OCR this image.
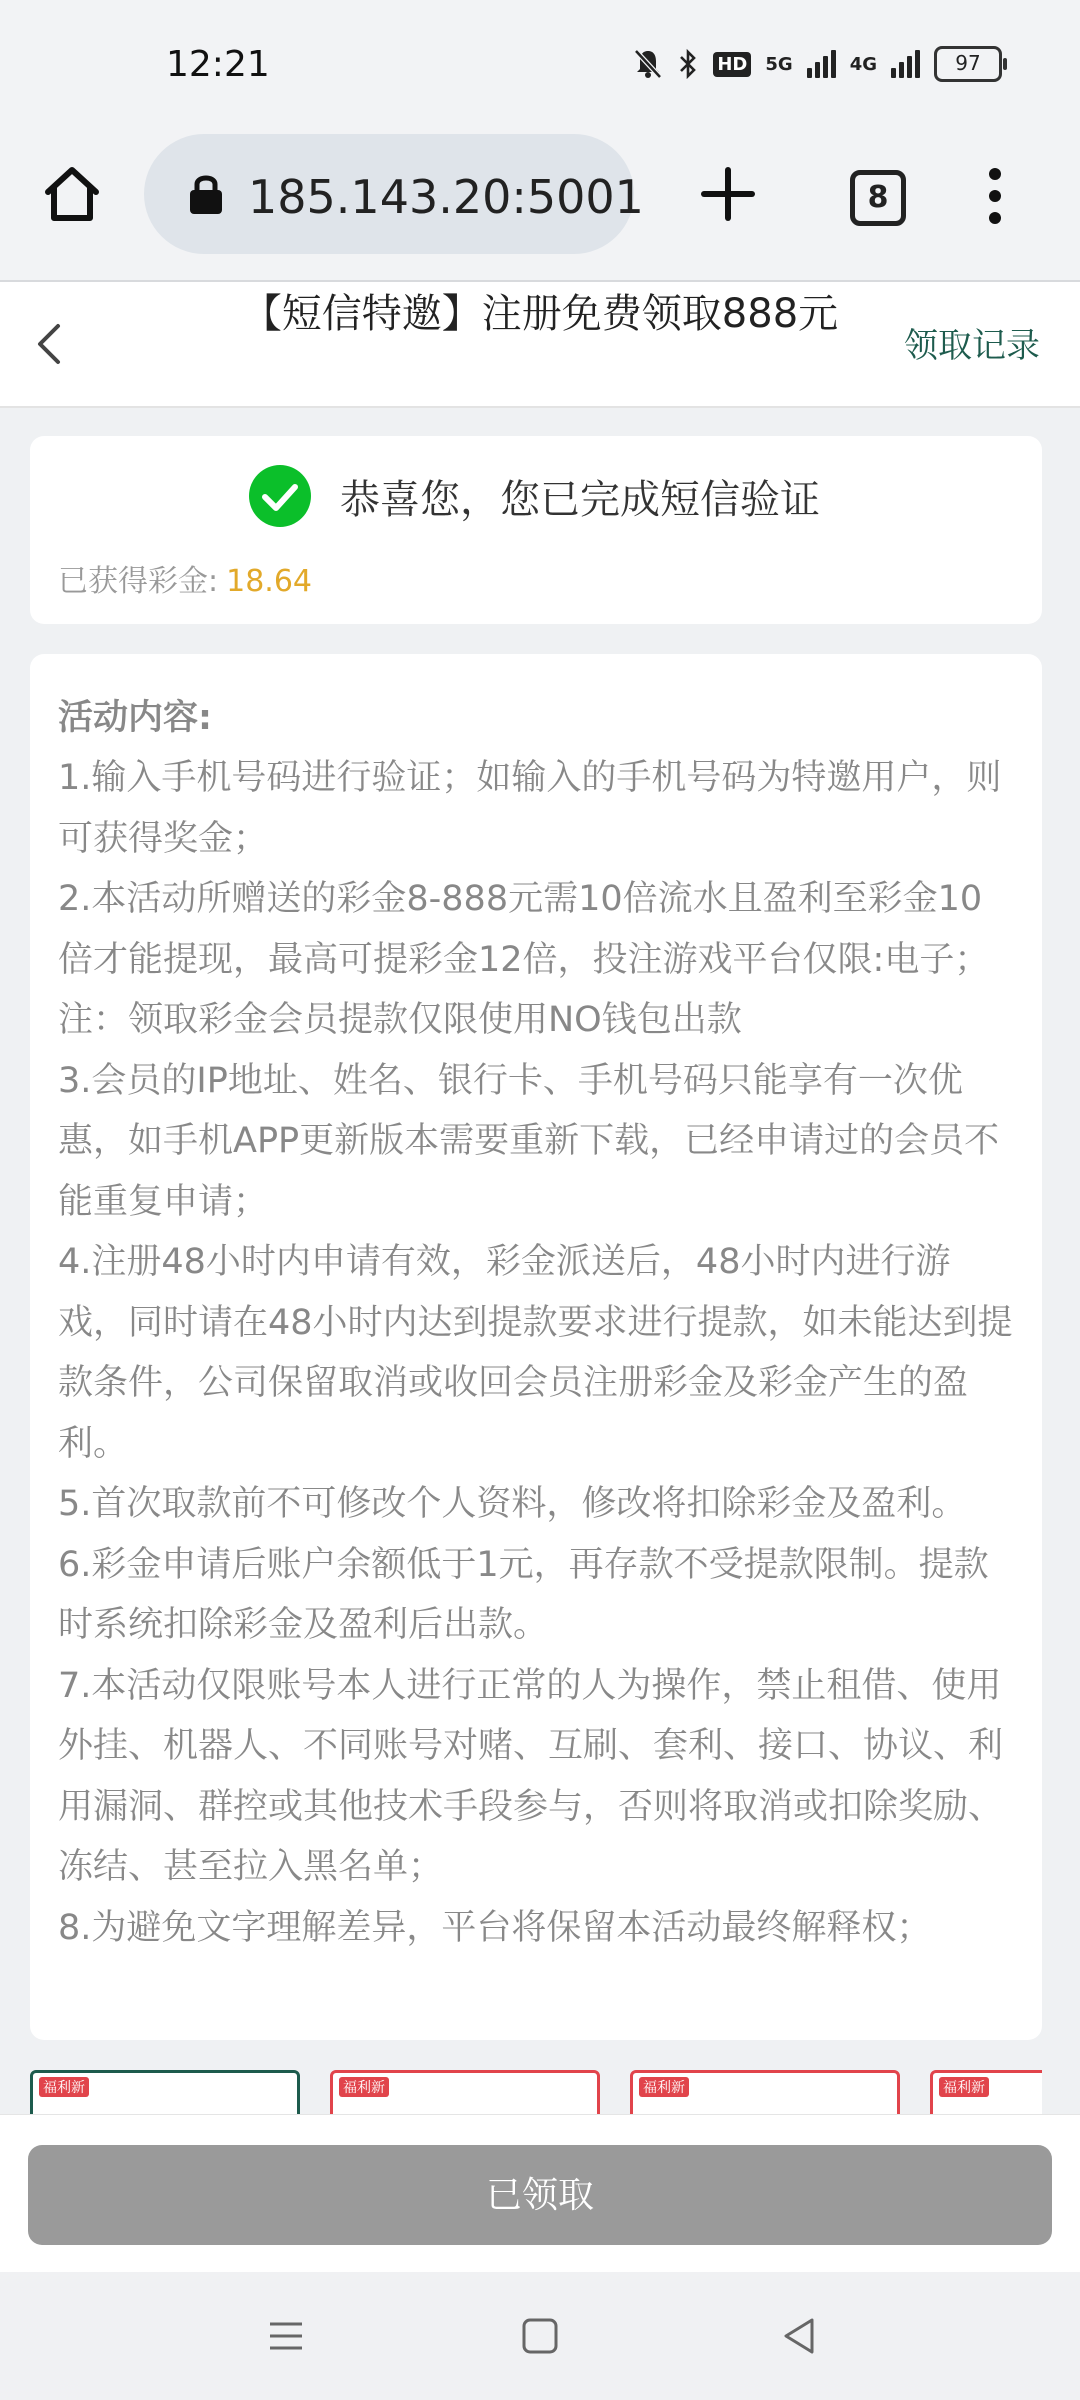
12:21	HD 5G	4G	97
185.143.20:5001	8
【短信特邀】注册免费领取888元
领取记录
恭喜您，您已完成短信验证
已获得彩金: 18.64
活动内容:
1.输入手机号码进行验证；如输入的手机号码为特邀用户，则可获得奖金；
2.本活动所赠送的彩金8-888元需10倍流水且盈利至彩金10倍才能提现，最高可提彩金12倍，投注游戏平台仅限:电子；注：领取彩金会员提款仅限使用NO钱包出款
3.会员的IP地址、姓名、银行卡、手机号码只能享有一次优惠，如手机APP更新版本需要重新下载，已经申请过的会员不能重复申请；
4.注册48小时内申请有效，彩金派送后，48小时内进行游戏，同时请在48小时内达到提款要求进行提款，如未能达到提款条件，公司保留取消或收回会员注册彩金及彩金产生的盈利。
5.首次取款前不可修改个人资料，修改将扣除彩金及盈利。
6.彩金申请后账户余额低于1元，再存款不受提款限制。提款时系统扣除彩金及盈利后出款。
7.本活动仅限账号本人进行正常的人为操作，禁止租借、使用外挂、机器人、不同账号对赌、互刷、套利、接口、协议、利用漏洞、群控或其他技术手段参与，否则将取消或扣除奖励、冻结、甚至拉入黑名单；
8.为避免文字理解差异，平台将保留本活动最终解释权；
福利新	福利新	福利新	福利新
已领取
